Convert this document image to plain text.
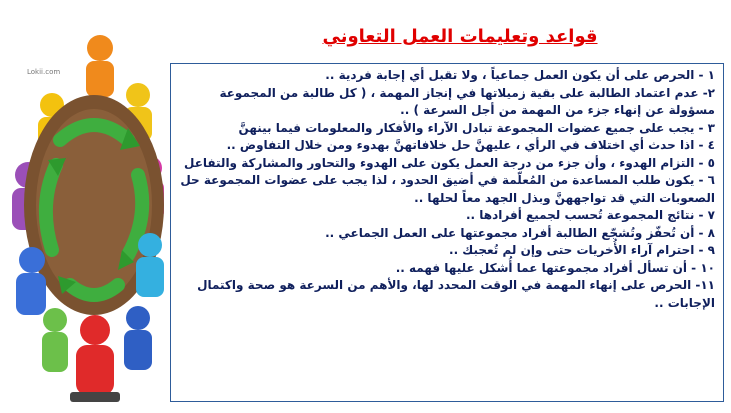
Lokii.com
قواعد وتعليمات العمل التعاوني
١ - الحرص على أن يكون العمل جماعياً ، ولا تقبل أي إجابة فردية ..
٢- عدم اعتماد الطالبة على بقية زميلاتها في إنجاز المهمة ، ( كل طالبة من المجموعة مسؤولة عن إنهاء جزء من المهمة من أجل السرعة ) ..
٣ - يجب على جميع عضوات المجموعة تبادل الآراء والأفكار والمعلومات فيما بينهنَّ
٤ - اذا حدث أي اختلاف في الرأي ، عليهنَّ حل خلافاتهنَّ بهدوء ومن خلال التفاوض ..
٥ - التزام الهدوء ، وأن جزء من درجة العمل يكون على الهدوء والتحاور والمشاركة والتفاعل
٦ - يكون طلب المساعدة من المُعلّمة في أضيق الحدود ، لذا يجب على عضوات المجموعة حل الصعوبات التي قد تواجههنَّ وبذل الجهد معاً لحلها ..
٧ - نتائج المجموعة تُحسب لجميع أفرادها ..
٨ - أن تُحفّز وتُشجّع الطالبة أفراد مجموعتها على العمل الجماعي ..
٩ - احترام آراء الأُخريات حتى وإن لم تُعجبك ..
١٠ - أن تسأل أفراد مجموعتها عما أُشكل عليها فهمه ..
١١- الحرص على إنهاء المهمة في الوقت المحدد لها، والأهم من السرعة هو صحة واكتمال الإجابات ..
